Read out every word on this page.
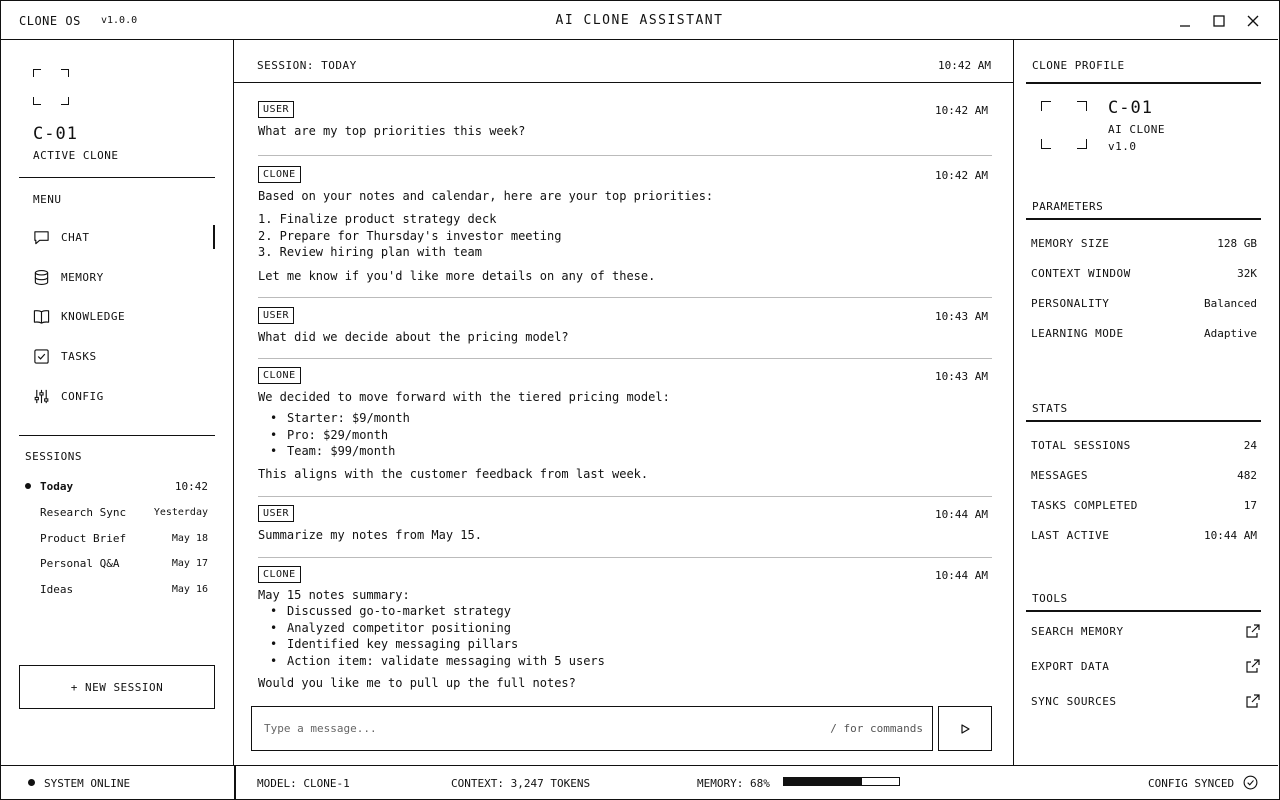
CLONE OS v1.0.0	AI CLONE ASSISTANT
C-01
ACTIVE CLONE
MENU
CHAT
MEMORY
KNOWLEDGE
TASKS
CONFIG
SESSIONS
Today	10:42
Research Sync	Yesterday
Product Brief	May 18
Personal Q&A	May 17
Ideas	May 16
+ NEW SESSION
SESSION: TODAY	10:42 AM
USER	10:42 AM
What are my top priorities this week?
CLONE	10:42 AM
Based on your notes and calendar, here are your top priorities:
1. Finalize product strategy deck
2. Prepare for Thursday's investor meeting
3. Review hiring plan with team
Let me know if you'd like more details on any of these.
USER	10:43 AM
What did we decide about the pricing model?
CLONE	10:43 AM
We decided to move forward with the tiered pricing model:
• Starter: $9/month
• Pro: $29/month
• Team: $99/month
This aligns with the customer feedback from last week.
USER	10:44 AM
Summarize my notes from May 15.
CLONE	10:44 AM
May 15 notes summary:
• Discussed go-to-market strategy
• Analyzed competitor positioning
• Identified key messaging pillars
• Action item: validate messaging with 5 users
Would you like me to pull up the full notes?
Type a message...
/ for commands
CLONE PROFILE
C-01
AI CLONE
v1.0
PARAMETERS
MEMORY SIZE	128 GB
CONTEXT WINDOW	32K
PERSONALITY	Balanced
LEARNING MODE	Adaptive
STATS
TOTAL SESSIONS	24
MESSAGES	482
TASKS COMPLETED	17
LAST ACTIVE	10:44 AM
TOOLS
SEARCH MEMORY
EXPORT DATA
SYNC SOURCES
SYSTEM ONLINE	MODEL: CLONE-1	CONTEXT: 3,247 TOKENS	MEMORY: 68%	CONFIG SYNCED
